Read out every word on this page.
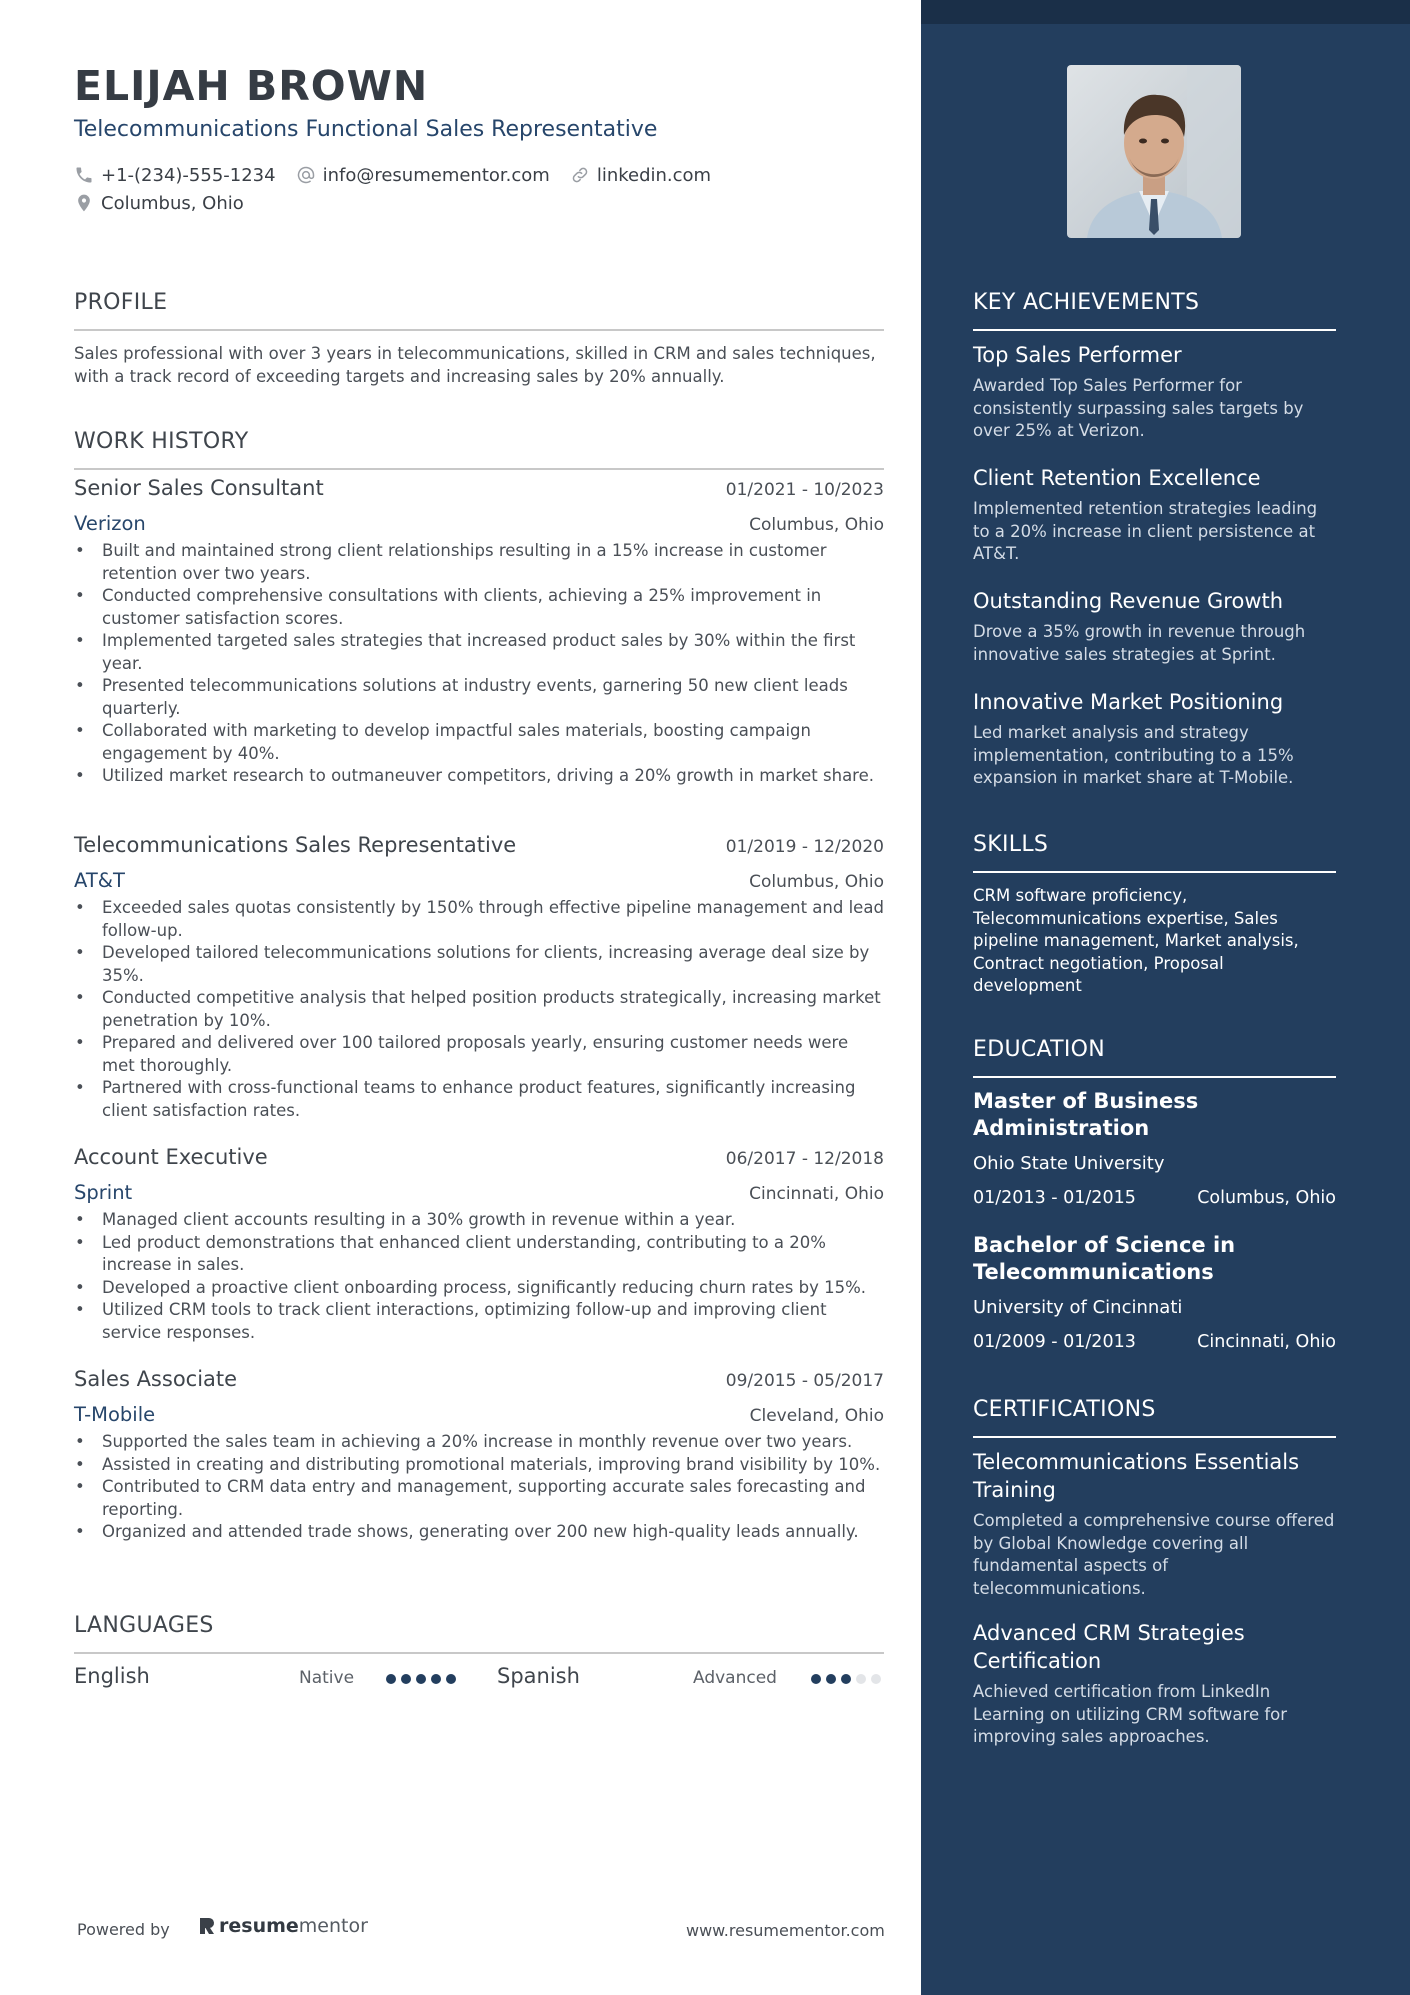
ELIJAH BROWN
Telecommunications Functional Sales Representative
+1-(234)-555-1234	info@resumementor.com	linkedin.com
Columbus, Ohio
PROFILE
Sales professional with over 3 years in telecommunications, skilled in CRM and sales techniques, with a track record of exceeding targets and increasing sales by 20% annually.
WORK HISTORY
Senior Sales Consultant	01/2021 - 10/2023
Verizon	Columbus, Ohio
• Built and maintained strong client relationships resulting in a 15% increase in customer retention over two years.
• Conducted comprehensive consultations with clients, achieving a 25% improvement in customer satisfaction scores.
• Implemented targeted sales strategies that increased product sales by 30% within the first year.
• Presented telecommunications solutions at industry events, garnering 50 new client leads quarterly.
• Collaborated with marketing to develop impactful sales materials, boosting campaign engagement by 40%.
• Utilized market research to outmaneuver competitors, driving a 20% growth in market share.
Telecommunications Sales Representative	01/2019 - 12/2020
AT&T	Columbus, Ohio
• Exceeded sales quotas consistently by 150% through effective pipeline management and lead follow-up.
• Developed tailored telecommunications solutions for clients, increasing average deal size by 35%.
• Conducted competitive analysis that helped position products strategically, increasing market penetration by 10%.
• Prepared and delivered over 100 tailored proposals yearly, ensuring customer needs were met thoroughly.
• Partnered with cross-functional teams to enhance product features, significantly increasing client satisfaction rates.
Account Executive	06/2017 - 12/2018
Sprint	Cincinnati, Ohio
• Managed client accounts resulting in a 30% growth in revenue within a year.
• Led product demonstrations that enhanced client understanding, contributing to a 20% increase in sales.
• Developed a proactive client onboarding process, significantly reducing churn rates by 15%.
• Utilized CRM tools to track client interactions, optimizing follow-up and improving client service responses.
Sales Associate	09/2015 - 05/2017
T-Mobile	Cleveland, Ohio
• Supported the sales team in achieving a 20% increase in monthly revenue over two years.
• Assisted in creating and distributing promotional materials, improving brand visibility by 10%.
• Contributed to CRM data entry and management, supporting accurate sales forecasting and reporting.
• Organized and attended trade shows, generating over 200 new high-quality leads annually.
LANGUAGES
English	Native	Spanish	Advanced
Powered by	resume mentor	www.resumementor.com
KEY ACHIEVEMENTS
Top Sales Performer
Awarded Top Sales Performer for consistently surpassing sales targets by over 25% at Verizon.
Client Retention Excellence
Implemented retention strategies leading to a 20% increase in client persistence at AT&T.
Outstanding Revenue Growth
Drove a 35% growth in revenue through innovative sales strategies at Sprint.
Innovative Market Positioning
Led market analysis and strategy implementation, contributing to a 15% expansion in market share at T-Mobile.
SKILLS
CRM software proficiency, Telecommunications expertise, Sales pipeline management, Market analysis, Contract negotiation, Proposal development
EDUCATION
Master of Business Administration
Ohio State University
01/2013 - 01/2015	Columbus, Ohio
Bachelor of Science in Telecommunications
University of Cincinnati
01/2009 - 01/2013	Cincinnati, Ohio
CERTIFICATIONS
Telecommunications Essentials Training
Completed a comprehensive course offered by Global Knowledge covering all fundamental aspects of telecommunications.
Advanced CRM Strategies Certification
Achieved certification from LinkedIn Learning on utilizing CRM software for improving sales approaches.
